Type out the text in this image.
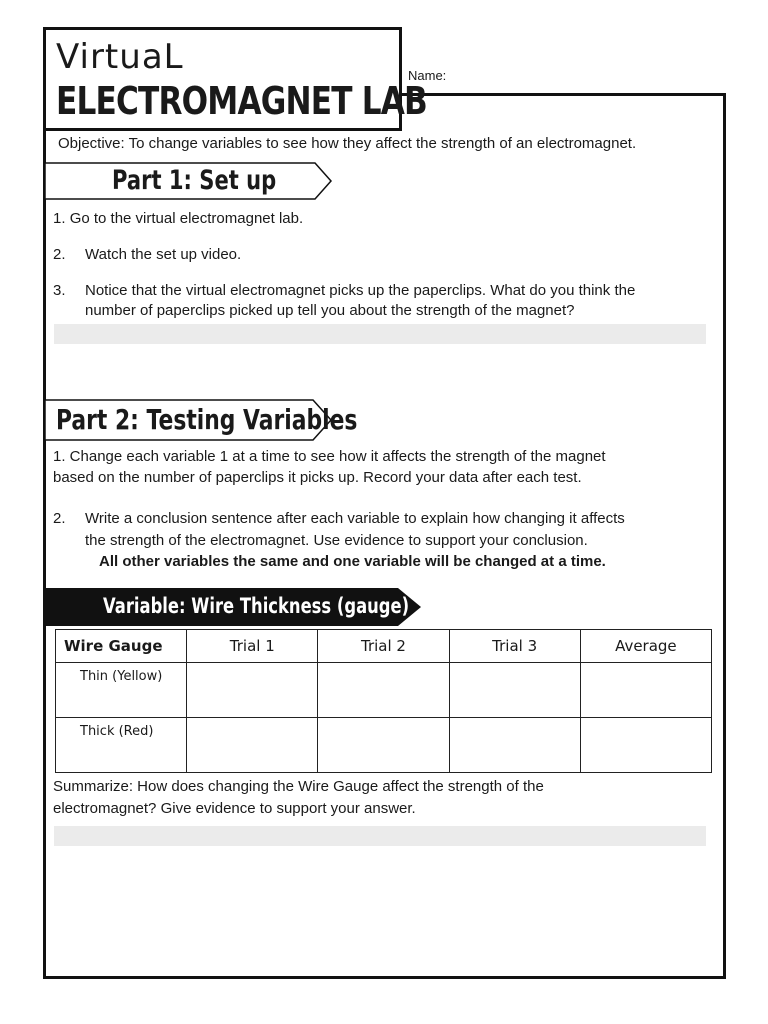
VirtuaL
ELECTROMAGNET LAB
Name:
Objective: To change variables to see how they affect the strength of an electromagnet.
Part 1: Set up
1. Go to the virtual electromagnet lab.
2. Watch the set up video.
3. Notice that the virtual electromagnet picks up the paperclips. What do you think the
number of paperclips picked up tell you about the strength of the magnet?
Part 2: Testing Variables
1. Change each variable 1 at a time to see how it affects the strength of the magnet
based on the number of paperclips it picks up. Record your data after each test.
2. Write a conclusion sentence after each variable to explain how changing it affects
the strength of the electromagnet. Use evidence to support your conclusion.
All other variables the same and one variable will be changed at a time.
Variable: Wire Thickness (gauge)
Wire Gauge	Trial 1	Trial 2	Trial 3	Average
Thin (Yellow)				
Thick (Red)				
Summarize: How does changing the Wire Gauge affect the strength of the
electromagnet? Give evidence to support your answer.
